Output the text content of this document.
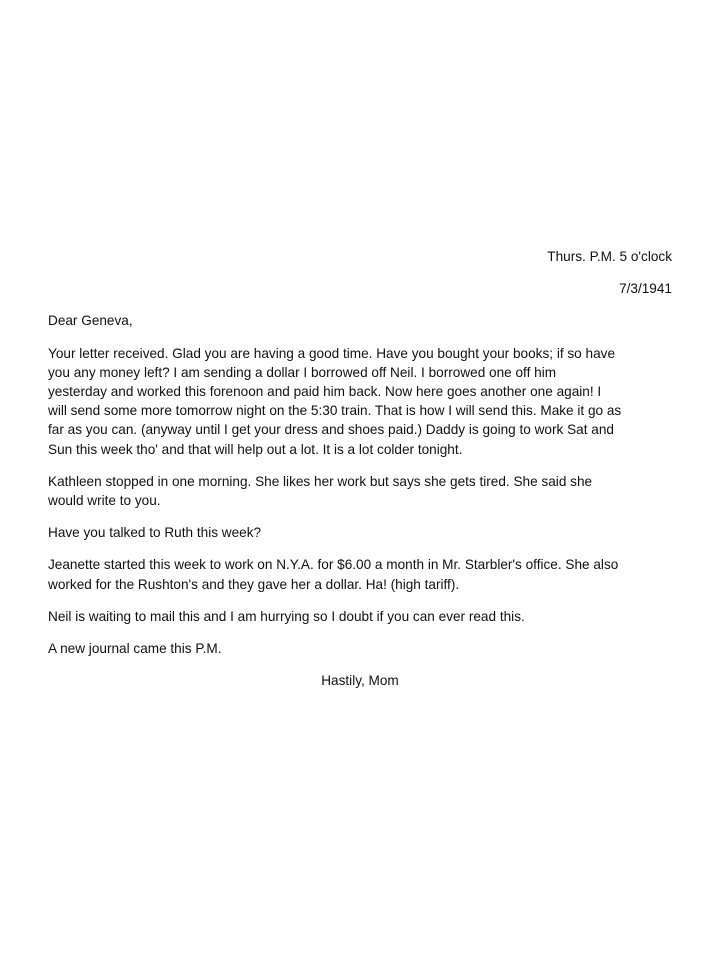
Thurs. P.M. 5 o'clock

7/3/1941

Dear Geneva,

Your letter received. Glad you are having a good time. Have you bought your books; if so have
you any money left? I am sending a dollar I borrowed off Neil. I borrowed one off him
yesterday and worked this forenoon and paid him back. Now here goes another one again! I
will send some more tomorrow night on the 5:30 train. That is how I will send this. Make it go as
far as you can. (anyway until I get your dress and shoes paid.) Daddy is going to work Sat and
Sun this week tho' and that will help out a lot. It is a lot colder tonight.

Kathleen stopped in one morning. She likes her work but says she gets tired. She said she
would write to you.

Have you talked to Ruth this week?

Jeanette started this week to work on N.Y.A. for $6.00 a month in Mr. Starbler's office. She also
worked for the Rushton's and they gave her a dollar. Ha! (high tariff).

Neil is waiting to mail this and I am hurrying so I doubt if you can ever read this.

A new journal came this P.M.

Hastily, Mom
